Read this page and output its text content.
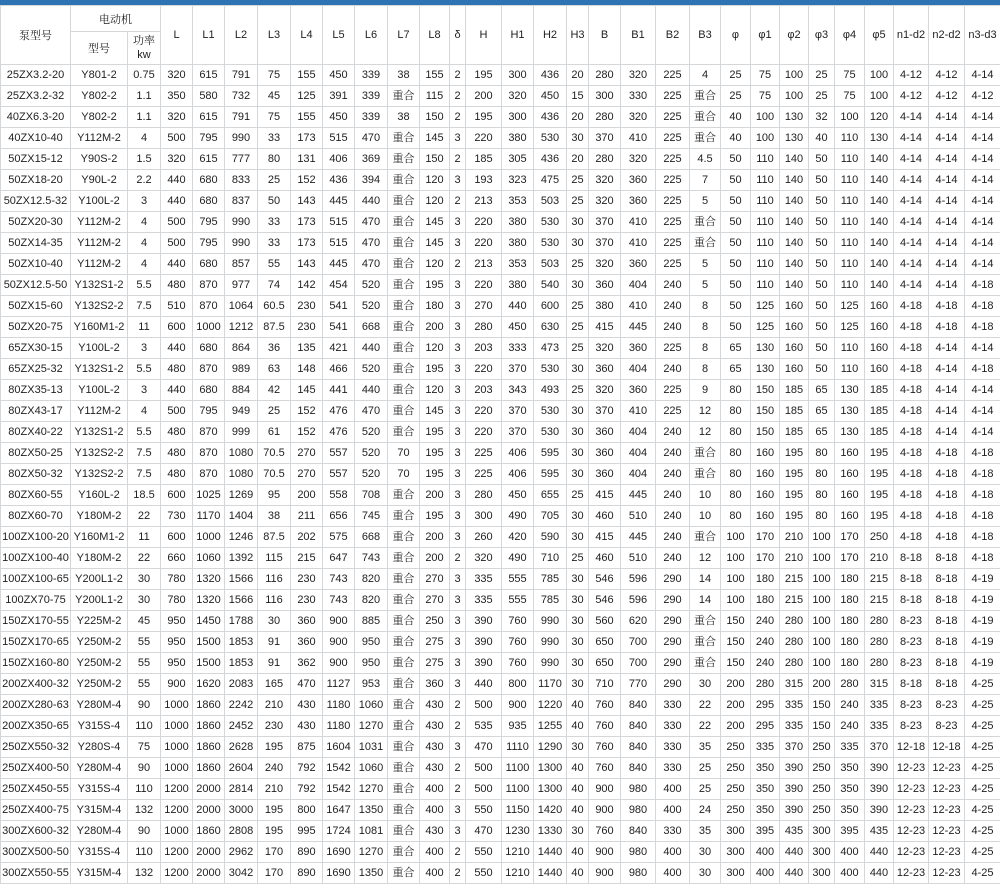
泵型号	电动机		L	L1	L2	L3	L4	L5	L6	L7	L8	δ	H	H1	H2	H3	B	B1	B2	B3	φ	φ1	φ2	φ3	φ4	φ5	n1-d2	n2-d2	n3-d3
	型号	功率
kw																											

25ZX3.2-20	Y801-2	0.75	320	615	791	75	155	450	339	38	155	2	195	300	436	20	280	320	225	4	25	75	100	25	75	100	4-12	4-12	4-14
25ZX3.2-32	Y802-2	1.1	350	580	732	45	125	391	339	重合	115	2	200	320	450	15	300	330	225	重合	25	75	100	25	75	100	4-12	4-12	4-12
40ZX6.3-20	Y802-2	1.1	320	615	791	75	155	450	339	38	150	2	195	300	436	20	280	320	225	重合	40	100	130	32	100	120	4-14	4-14	4-14
40ZX10-40	Y112M-2	4	500	795	990	33	173	515	470	重合	145	3	220	380	530	30	370	410	225	重合	40	100	130	40	110	130	4-14	4-14	4-14
50ZX15-12	Y90S-2	1.5	320	615	777	80	131	406	369	重合	150	2	185	305	436	20	280	320	225	4.5	50	110	140	50	110	140	4-14	4-14	4-14
50ZX18-20	Y90L-2	2.2	440	680	833	25	152	436	394	重合	120	3	193	323	475	25	320	360	225	7	50	110	140	50	110	140	4-14	4-14	4-14
50ZX12.5-32	Y100L-2	3	440	680	837	50	143	445	440	重合	120	2	213	353	503	25	320	360	225	5	50	110	140	50	110	140	4-14	4-14	4-14
50ZX20-30	Y112M-2	4	500	795	990	33	173	515	470	重合	145	3	220	380	530	30	370	410	225	重合	50	110	140	50	110	140	4-14	4-14	4-14
50ZX14-35	Y112M-2	4	500	795	990	33	173	515	470	重合	145	3	220	380	530	30	370	410	225	重合	50	110	140	50	110	140	4-14	4-14	4-14
50ZX10-40	Y112M-2	4	440	680	857	55	143	445	470	重合	120	2	213	353	503	25	320	360	225	5	50	110	140	50	110	140	4-14	4-14	4-14
50ZX12.5-50	Y132S1-2	5.5	480	870	977	74	142	454	520	重合	195	3	220	380	540	30	360	404	240	5	50	110	140	50	110	140	4-14	4-14	4-18
50ZX15-60	Y132S2-2	7.5	510	870	1064	60.5	230	541	520	重合	180	3	270	440	600	25	380	410	240	8	50	125	160	50	125	160	4-18	4-18	4-18
50ZX20-75	Y160M1-2	11	600	1000	1212	87.5	230	541	668	重合	200	3	280	450	630	25	415	445	240	8	50	125	160	50	125	160	4-18	4-18	4-18
65ZX30-15	Y100L-2	3	440	680	864	36	135	421	440	重合	120	3	203	333	473	25	320	360	225	8	65	130	160	50	110	160	4-18	4-14	4-14
65ZX25-32	Y132S1-2	5.5	480	870	989	63	148	466	520	重合	195	3	220	370	530	30	360	404	240	8	65	130	160	50	110	160	4-18	4-14	4-18
80ZX35-13	Y100L-2	3	440	680	884	42	145	441	440	重合	120	3	203	343	493	25	320	360	225	9	80	150	185	65	130	185	4-18	4-14	4-14
80ZX43-17	Y112M-2	4	500	795	949	25	152	476	470	重合	145	3	220	370	530	30	370	410	225	12	80	150	185	65	130	185	4-18	4-14	4-14
80ZX40-22	Y132S1-2	5.5	480	870	999	61	152	476	520	重合	195	3	220	370	530	30	360	404	240	12	80	150	185	65	130	185	4-18	4-14	4-14
80ZX50-25	Y132S2-2	7.5	480	870	1080	70.5	270	557	520	70	195	3	225	406	595	30	360	404	240	重合	80	160	195	80	160	195	4-18	4-18	4-18
80ZX50-32	Y132S2-2	7.5	480	870	1080	70.5	270	557	520	70	195	3	225	406	595	30	360	404	240	重合	80	160	195	80	160	195	4-18	4-18	4-18
80ZX60-55	Y160L-2	18.5	600	1025	1269	95	200	558	708	重合	200	3	280	450	655	25	415	445	240	10	80	160	195	80	160	195	4-18	4-18	4-18
80ZX60-70	Y180M-2	22	730	1170	1404	38	211	656	745	重合	195	3	300	490	705	30	460	510	240	10	80	160	195	80	160	195	4-18	4-18	4-18
100ZX100-20	Y160M1-2	11	600	1000	1246	87.5	202	575	668	重合	200	3	260	420	590	30	415	445	240	重合	100	170	210	100	170	250	4-18	4-18	4-18
100ZX100-40	Y180M-2	22	660	1060	1392	115	215	647	743	重合	200	2	320	490	710	25	460	510	240	12	100	170	210	100	170	210	8-18	8-18	4-18
100ZX100-65	Y200L1-2	30	780	1320	1566	116	230	743	820	重合	270	3	335	555	785	30	546	596	290	14	100	180	215	100	180	215	8-18	8-18	4-19
100ZX70-75	Y200L1-2	30	780	1320	1566	116	230	743	820	重合	270	3	335	555	785	30	546	596	290	14	100	180	215	100	180	215	8-18	8-18	4-19
150ZX170-55	Y225M-2	45	950	1450	1788	30	360	900	885	重合	250	3	390	760	990	30	560	620	290	重合	150	240	280	100	180	280	8-23	8-18	4-19
150ZX170-65	Y250M-2	55	950	1500	1853	91	360	900	950	重合	275	3	390	760	990	30	650	700	290	重合	150	240	280	100	180	280	8-23	8-18	4-19
150ZX160-80	Y250M-2	55	950	1500	1853	91	362	900	950	重合	275	3	390	760	990	30	650	700	290	重合	150	240	280	100	180	280	8-23	8-18	4-19
200ZX400-32	Y250M-2	55	900	1620	2083	165	470	1127	953	重合	360	3	440	800	1170	30	710	770	290	30	200	280	315	200	280	315	8-18	8-18	4-25
200ZX280-63	Y280M-4	90	1000	1860	2242	210	430	1180	1060	重合	430	2	500	900	1220	40	760	840	330	22	200	295	335	150	240	335	8-23	8-23	4-25
200ZX350-65	Y315S-4	110	1000	1860	2452	230	430	1180	1270	重合	430	2	535	935	1255	40	760	840	330	22	200	295	335	150	240	335	8-23	8-23	4-25
250ZX550-32	Y280S-4	75	1000	1860	2628	195	875	1604	1031	重合	430	3	470	1110	1290	30	760	840	330	35	250	335	370	250	335	370	12-18	12-18	4-25
250ZX400-50	Y280M-4	90	1000	1860	2604	240	792	1542	1060	重合	430	2	500	1100	1300	40	760	840	330	25	250	350	390	250	350	390	12-23	12-23	4-25
250ZX450-55	Y315S-4	110	1200	2000	2814	210	792	1542	1270	重合	400	2	500	1100	1300	40	900	980	400	25	250	350	390	250	350	390	12-23	12-23	4-25
250ZX400-75	Y315M-4	132	1200	2000	3000	195	800	1647	1350	重合	400	3	550	1150	1420	40	900	980	400	24	250	350	390	250	350	390	12-23	12-23	4-25
300ZX600-32	Y280M-4	90	1000	1860	2808	195	995	1724	1081	重合	430	3	470	1230	1330	30	760	840	330	35	300	395	435	300	395	435	12-23	12-23	4-25
300ZX500-50	Y315S-4	110	1200	2000	2962	170	890	1690	1270	重合	400	2	550	1210	1440	40	900	980	400	30	300	400	440	300	400	440	12-23	12-23	4-25
300ZX550-55	Y315M-4	132	1200	2000	3042	170	890	1690	1350	重合	400	2	550	1210	1440	40	900	980	400	30	300	400	440	300	400	440	12-23	12-23	4-25
